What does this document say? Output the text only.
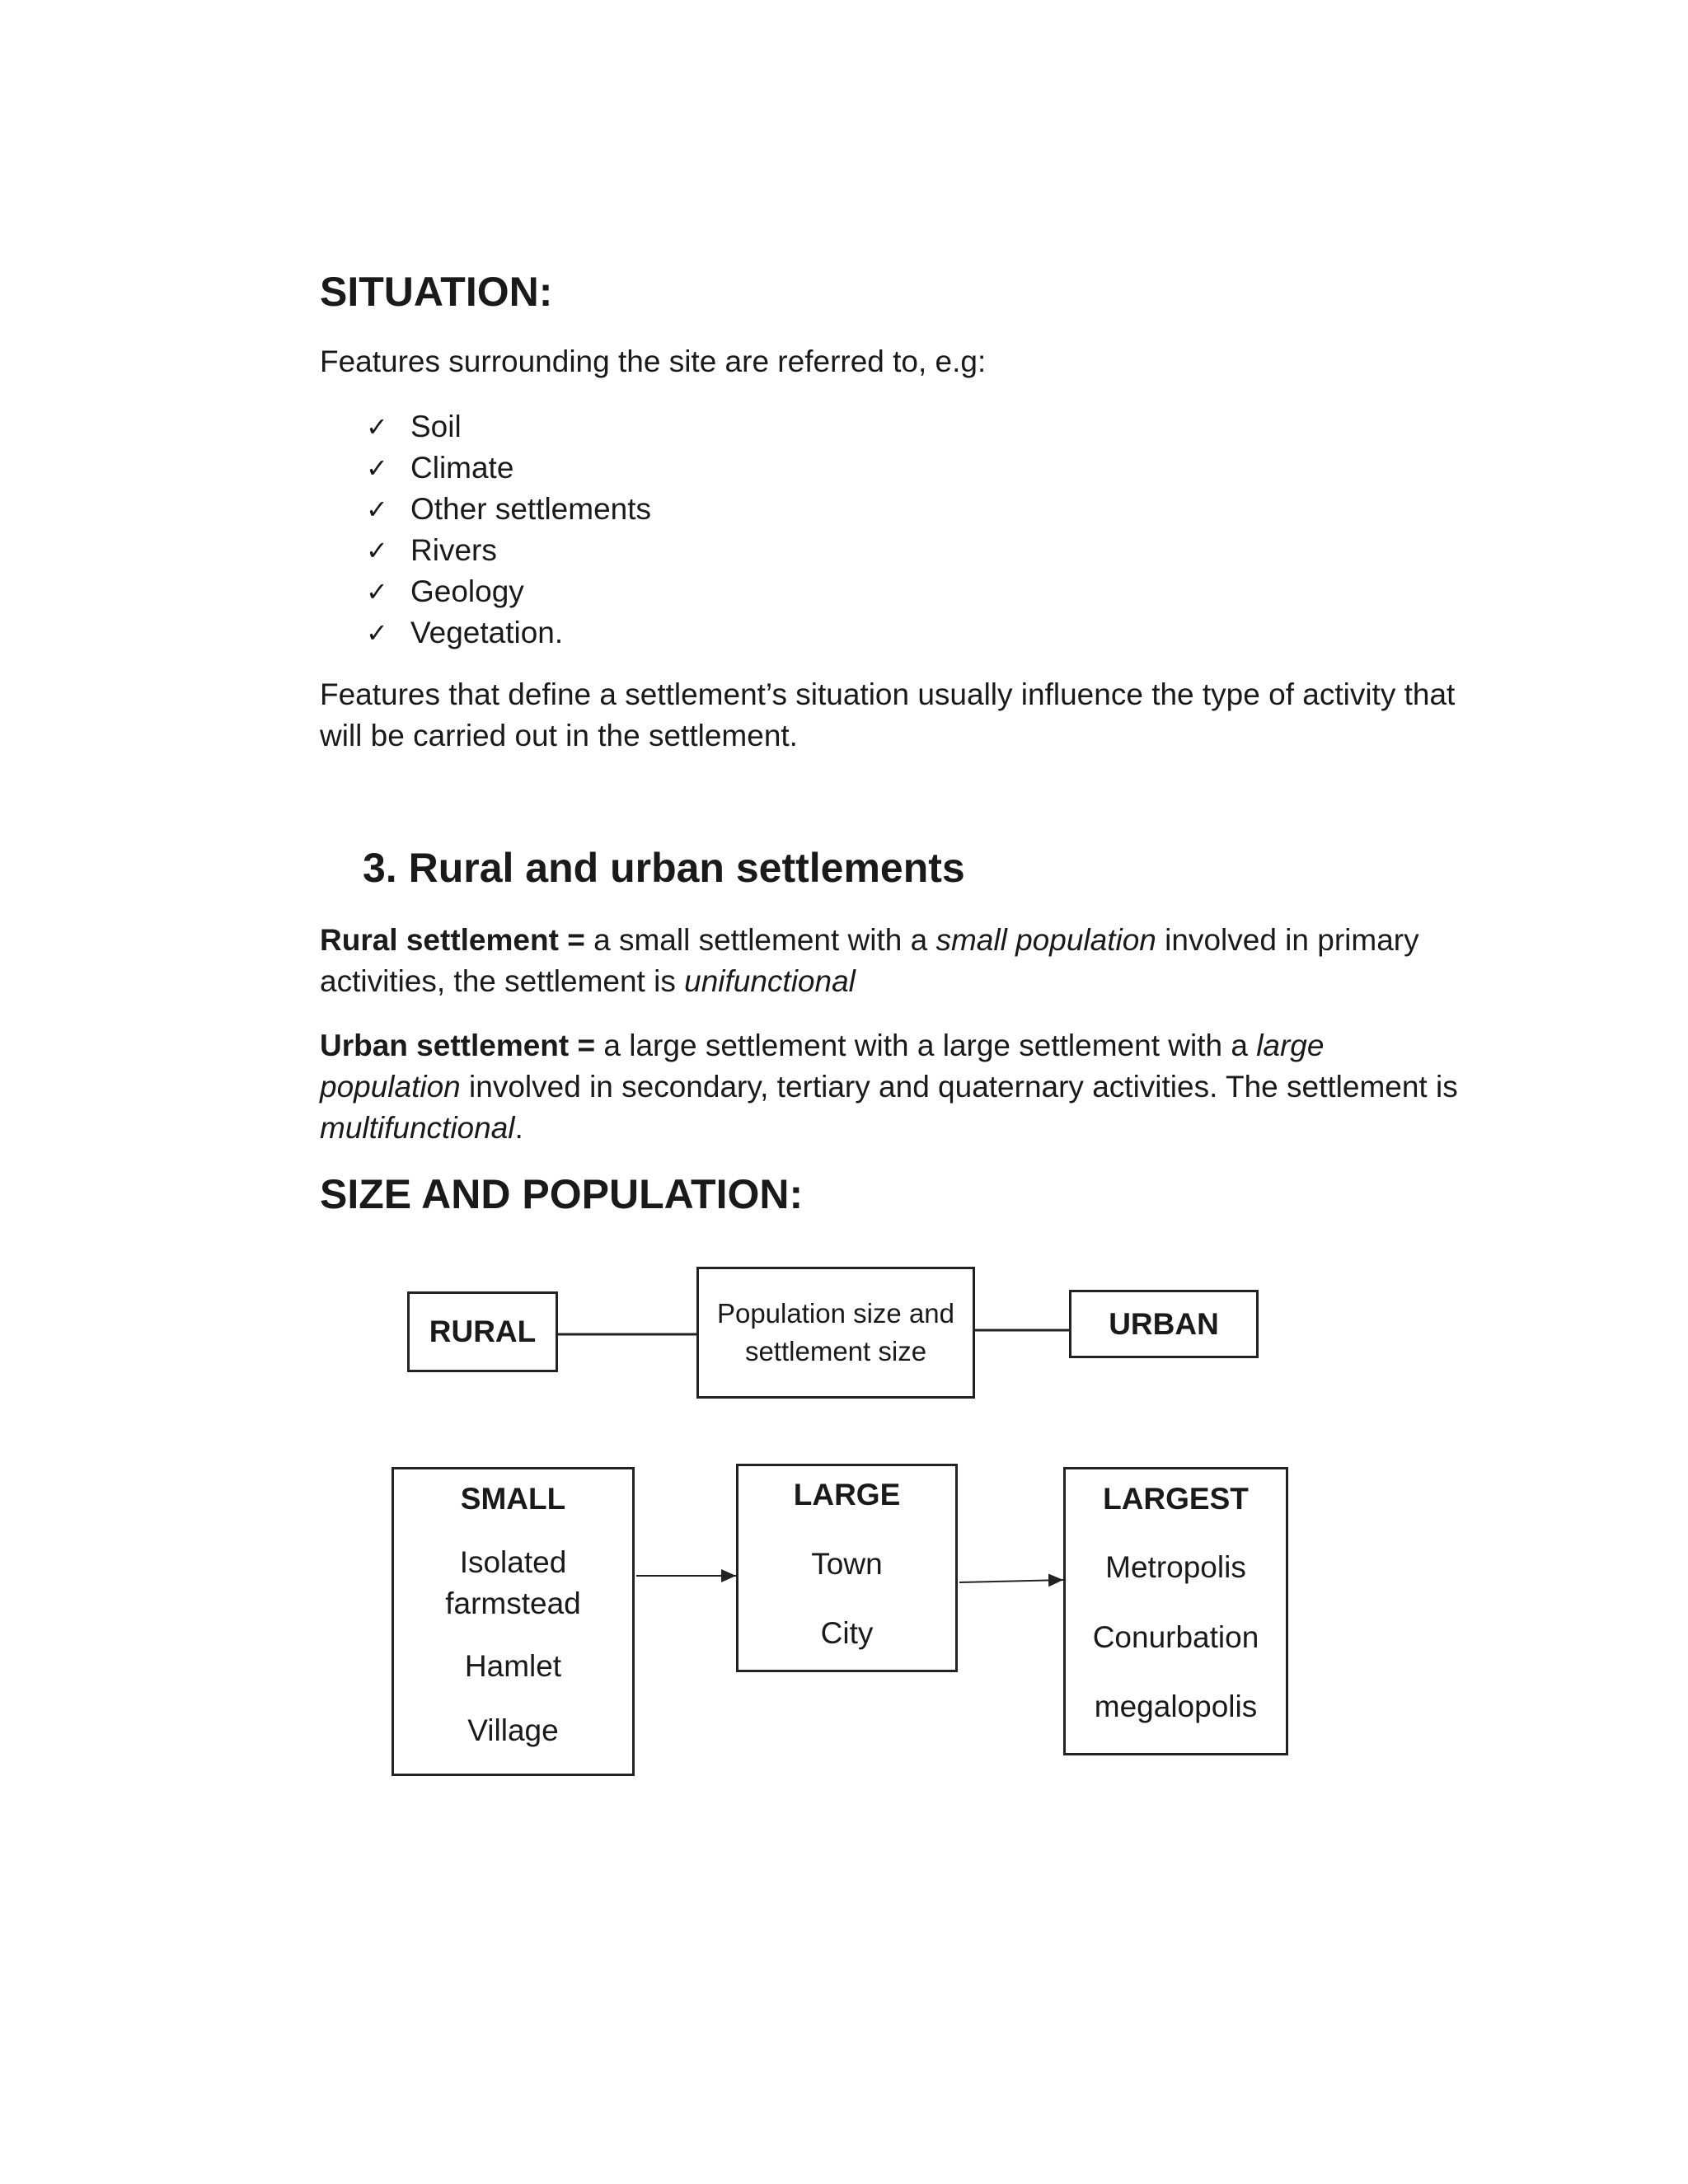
SITUATION:

Features surrounding the site are referred to, e.g:

✓ Soil
✓ Climate
✓ Other settlements
✓ Rivers
✓ Geology
✓ Vegetation.
Features that define a settlement’s situation usually influence the type of activity that
will be carried out in the settlement.
3. Rural and urban settlements
Rural settlement = a small settlement with a small population involved in primary
activities, the settlement is unifunctional
Urban settlement = a large settlement with a large settlement with a large
population involved in secondary, tertiary and quaternary activities. The settlement is
multifunctional.
SIZE AND POPULATION:
RURAL
Population size and
settlement size
URBAN
SMALL
Isolated
farmstead
Hamlet
Village
LARGE
Town
City
LARGEST
Metropolis
Conurbation
megalopolis
